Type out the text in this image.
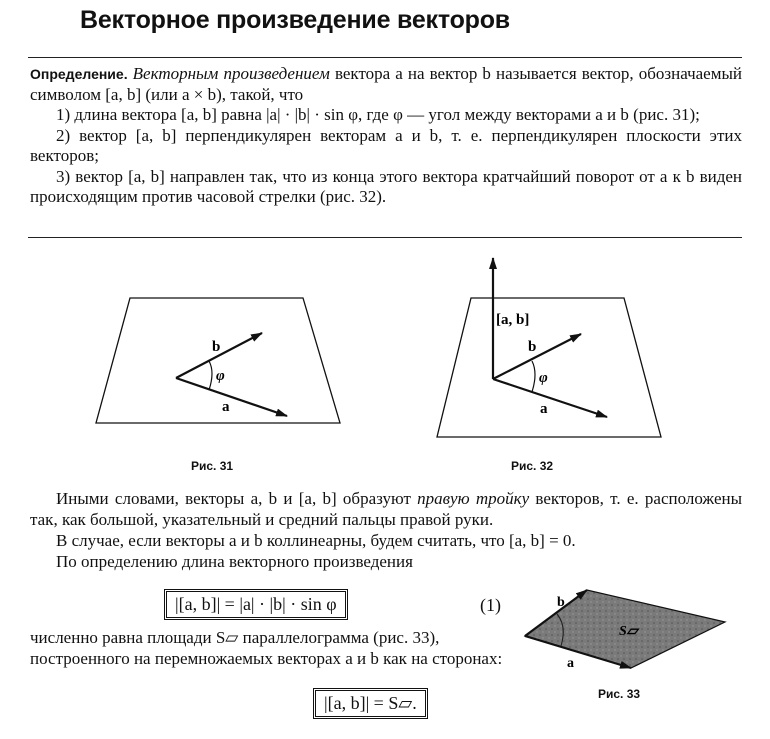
Векторное произведение векторов

Определение. Векторным произведением вектора a на вектор b называется вектор, обозначаемый символом [a, b] (или a × b), такой, что

1) длина вектора [a, b] равна |a| · |b| · sin φ, где φ — угол между векторами a и b (рис. 31);

2) вектор [a, b] перпендикулярен векторам a и b, т. е. перпендикулярен плоскости этих векторов;

3) вектор [a, b] направлен так, что из конца этого вектора кратчайший поворот от a к b виден происходящим против часовой стрелки (рис. 32).

b
φ
a
[a, b]
b
φ
a
Рис. 31	Рис. 32

Иными словами, векторы a, b и [a, b] образуют правую тройку векторов, т. е. расположены так, как большой, указательный и средний пальцы правой руки.

В случае, если векторы a и b коллинеарны, будем считать, что [a, b] = 0.

По определению длина векторного произведения

|[a, b]| = |a| · |b| · sin φ	(1)

численно равна площади S▱ параллелограмма (рис. 33), построенного на перемножаемых векторах a и b как на сторонах:

|[a, b]| = S▱.
b
a
S▱
Рис. 33
